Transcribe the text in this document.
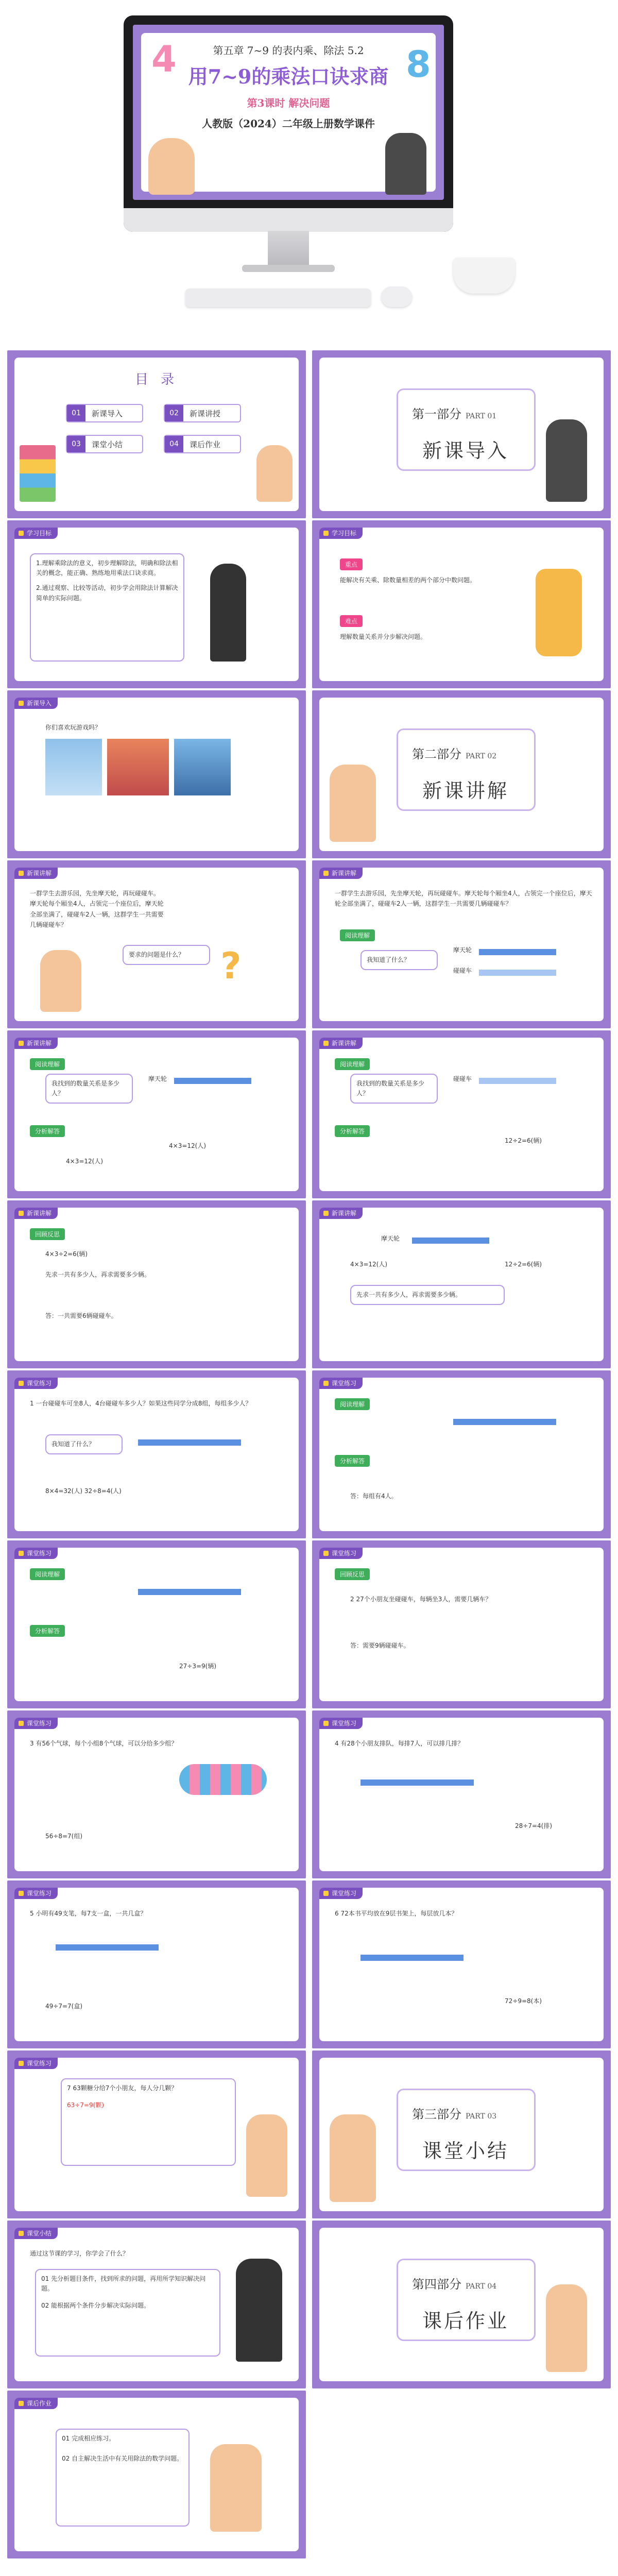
第五章 7~9 的表内乘、除法 5.2
用7~9的乘法口诀求商
第3课时 解决问题
人教版（2024）二年级上册数学课件
4	8
目 录
01	新课导入	02	新课讲授
03	课堂小结	04	课后作业
第一部分 PART 01
新课导入
学习目标

1.理解乘除法的意义，初步理解除法，明确和除法相关的概念，能正确、熟练地用乘法口诀求商。

2.通过观察、比较等活动，初步学会用除法计算解决简单的实际问题。

学习目标
重点
能解决有关乘、除数量相差的两个部分中数问题。
难点
理解数量关系并分步解决问题。
新课导入
你们喜欢玩游戏吗？
第二部分 PART 02
新课讲解
新课讲解
一群学生去游乐园，先坐摩天轮，再玩碰碰车。摩天轮每个厢坐4人，占领完一个座位后，摩天轮全部坐满了，碰碰车2人一辆，这群学生一共需要几辆碰碰车？
要求的问题是什么？ ?
新课讲解
一群学生去游乐园，先坐摩天轮，再玩碰碰车。摩天轮每个厢坐4人，占领完一个座位后，摩天轮全部坐满了，碰碰车2人一辆，这群学生一共需要几辆碰碰车？
阅读理解
我知道了什么？
摩天轮
碰碰车
新课讲解
阅读理解
我找到的数量关系是多少人？
摩天轮
分析解答
4×3=12(人)
4×3=12(人)
新课讲解
阅读理解
我找到的数量关系是多少人？
碰碰车
分析解答
12÷2=6(辆)
新课讲解
回顾反思
4×3÷2=6(辆)
先求一共有多少人，再求需要多少辆。
答：一共需要6辆碰碰车。
新课讲解
摩天轮
4×3=12(人)	12÷2=6(辆)
先求一共有多少人，再求需要多少辆。
课堂练习
1 一台碰碰车可坐8人，4台碰碰车多少人？如果这些同学分成8组，每组多少人？
我知道了什么？
8×4=32(人) 32÷8=4(人)
课堂练习
阅读理解
分析解答
答：每组有4人。
课堂练习
阅读理解
分析解答
27÷3=9(辆)
课堂练习
回顾反思
2 27个小朋友坐碰碰车，每辆坐3人，需要几辆车？
答：需要9辆碰碰车。
课堂练习
3 有56个气球，每个小组8个气球，可以分给多少组？
56÷8=7(组)
课堂练习
4 有28个小朋友排队，每排7人，可以排几排？
28÷7=4(排)
课堂练习
5 小明有49支笔，每7支一盒，一共几盒？
49÷7=7(盒)
课堂练习
6 72本书平均放在9层书架上，每层放几本？
72÷9=8(本)
课堂练习

7 63颗糖分给7个小朋友，每人分几颗？

63÷7=9(颗)

第三部分 PART 03
课堂小结
课堂小结
通过这节课的学习，你学会了什么？

01 先分析题目条件，找到所求的问题，再用所学知识解决问题。

02 能根据两个条件分步解决实际问题。

第四部分 PART 04
课后作业
课后作业

01 完成相应练习。

02 自主解决生活中有关用除法的数学问题。
